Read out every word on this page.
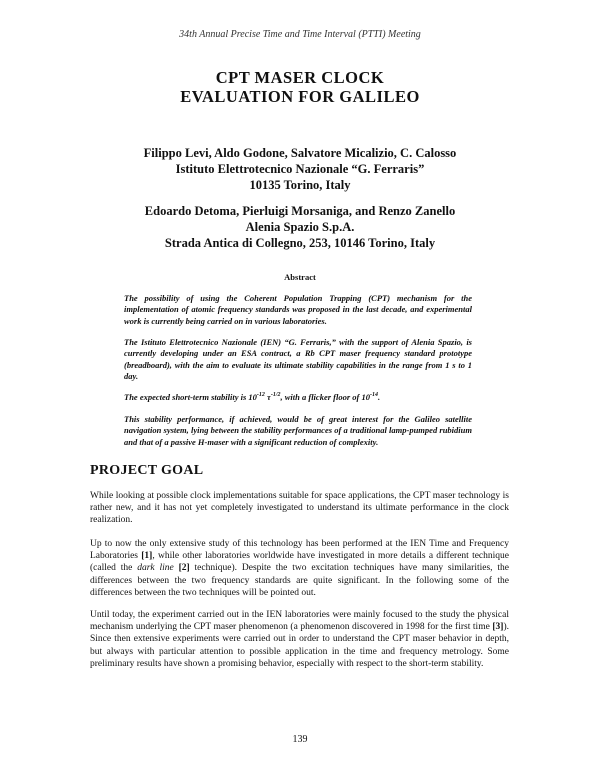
34th Annual Precise Time and Time Interval (PTTI) Meeting
CPT MASER CLOCK
EVALUATION FOR GALILEO
Filippo Levi, Aldo Godone, Salvatore Micalizio, C. Calosso
Istituto Elettrotecnico Nazionale “G. Ferraris”
10135 Torino, Italy
Edoardo Detoma, Pierluigi Morsaniga, and Renzo Zanello
Alenia Spazio S.p.A.
Strada Antica di Collegno, 253, 10146 Torino, Italy
Abstract

The possibility of using the Coherent Population Trapping (CPT) mechanism for the implementation of atomic frequency standards was proposed in the last decade, and experimental work is currently being carried on in various laboratories.

The Istituto Elettrotecnico Nazionale (IEN) “G. Ferraris,” with the support of Alenia Spazio, is currently developing under an ESA contract, a Rb CPT maser frequency standard prototype (breadboard), with the aim to evaluate its ultimate stability capabilities in the range from 1 s to 1 day.

The expected short-term stability is $10^{-12}$ $\tau^{-1/2}$, with a flicker floor of $10^{-14}$.

This stability performance, if achieved, would be of great interest for the Galileo satellite navigation system, lying between the stability performances of a traditional lamp-pumped rubidium and that of a passive H-maser with a significant reduction of complexity.

PROJECT GOAL

While looking at possible clock implementations suitable for space applications, the CPT maser technology is rather new, and it has not yet completely investigated to understand its ultimate performance in the clock realization.

Up to now the only extensive study of this technology has been performed at the IEN Time and Frequency Laboratories [1], while other laboratories worldwide have investigated in more details a different technique (called the dark line [2] technique). Despite the two excitation techniques have many similarities, the differences between the two frequency standards are quite significant. In the following some of the differences between the two techniques will be pointed out.

Until today, the experiment carried out in the IEN laboratories were mainly focused to the study the physical mechanism underlying the CPT maser phenomenon (a phenomenon discovered in 1998 for the first time [3]). Since then extensive experiments were carried out in order to understand the CPT maser behavior in depth, but always with particular attention to possible application in the time and frequency metrology. Some preliminary results have shown a promising behavior, especially with respect to the short-term stability.

139
